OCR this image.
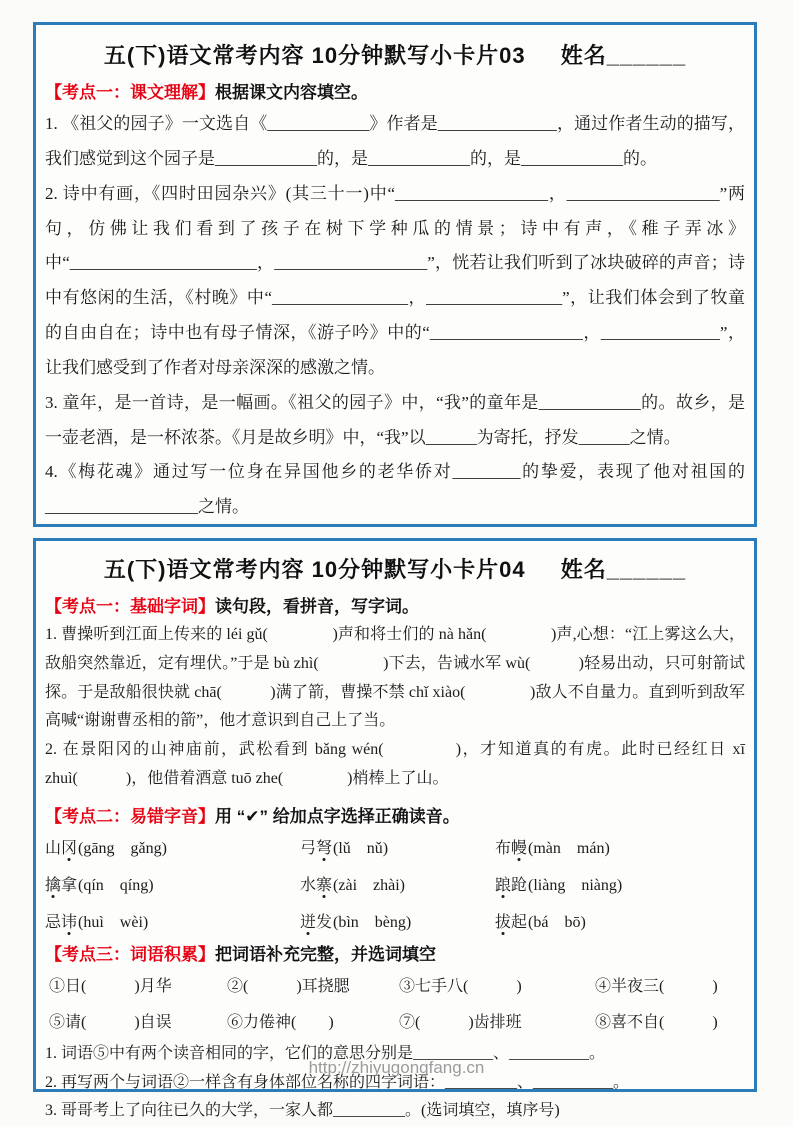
五(下)语文常考内容 10分钟默写小卡片03 姓名______
【考点一：课文理解】根据课文内容填空。

1. 《祖父的园子》一文选自《____________》作者是______________，通过作者生动的描写，我们感觉到这个园子是____________的，是____________的，是____________的。

2. 诗中有画，《四时田园杂兴》(其三十一)中“__________________，__________________”两句，仿佛让我们看到了孩子在树下学种瓜的情景；诗中有声，《稚子弄冰》中“______________________，__________________”，恍若让我们听到了冰块破碎的声音；诗中有悠闲的生活，《村晚》中“________________，________________”，让我们体会到了牧童的自由自在；诗中也有母子情深，《游子吟》中的“__________________，______________”，让我们感受到了作者对母亲深深的感激之情。

3. 童年，是一首诗，是一幅画。《祖父的园子》中，“我”的童年是____________的。故乡，是一壶老酒，是一杯浓茶。《月是故乡明》中，“我”以______为寄托，抒发______之情。

4.《梅花魂》通过写一位身在异国他乡的老华侨对________的挚爱，表现了他对祖国的__________________之情。

五(下)语文常考内容 10分钟默写小卡片04 姓名______
【考点一：基础字词】读句段，看拼音，写字词。

1. 曹操听到江面上传来的 léi gǔ(　　　　)声和将士们的 nà hǎn(　　　　)声,心想：“江上雾这么大，敌船突然靠近，定有埋伏。”于是 bù zhì(　　　　)下去，告诫水军 wù(　　　)轻易出动，只可射箭试探。于是敌船很快就 chā(　　　)满了箭，曹操不禁 chǐ xiào(　　　　)敌人不自量力。直到听到敌军高喊“谢谢曹丞相的箭”，他才意识到自己上了当。

2. 在景阳冈的山神庙前，武松看到 bǎng wén(　　　　)，才知道真的有虎。此时已经红日 xī zhuì(　　　)，他借着酒意 tuō zhe(　　　　)梢棒上了山。

【考点二：易错字音】用 “✔” 给加点字选择正确读音。
山冈(gāng　gǎng)	弓弩(lǔ　nǔ)	布幔(màn　mán)
擒拿(qín　qíng)	水寨(zài　zhài)	踉跄(liàng　niàng)
忌讳(huì　wèi)	迸发(bìn　bèng)	拔起(bá　bō)
【考点三：词语积累】把词语补充完整，并选词填空
①日(　　　)月华	②(　　　)耳挠腮	③七手八(　　　)	④半夜三(　　　)
⑤请(　　　)自误	⑥力倦神(　　)	⑦(　　　)齿排班	⑧喜不自(　　　)

1. 词语⑤中有两个读音相同的字，它们的意思分别是__________、__________。

2. 再写两个与词语②一样含有身体部位名称的四字词语：_________、__________。

3. 哥哥考上了向往已久的大学，一家人都_________。(选词填空，填序号)

http://zhiyugongfang.cn
